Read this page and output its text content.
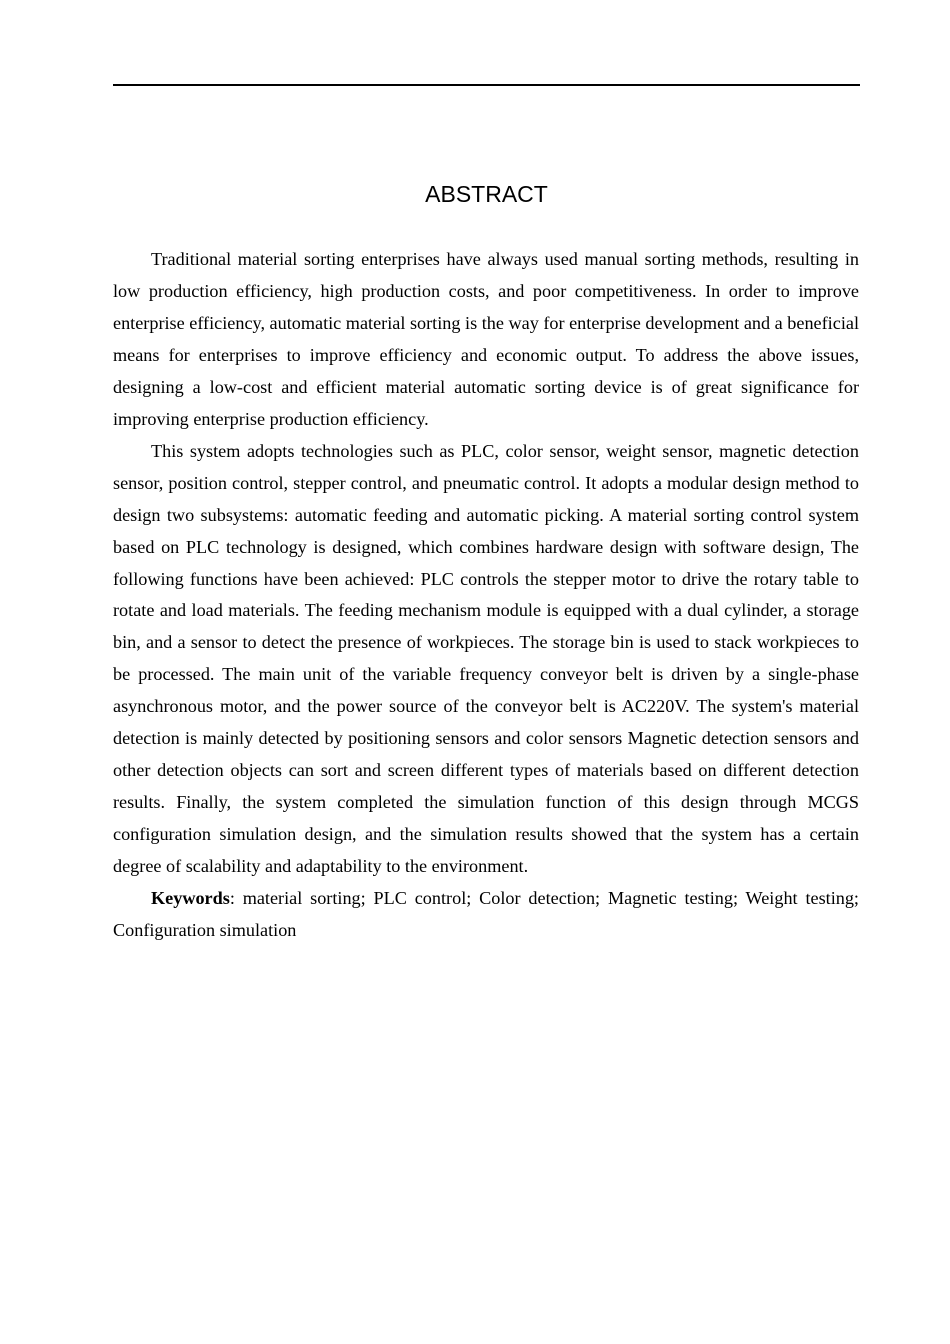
ABSTRACT

Traditional material sorting enterprises have always used manual sorting methods, resulting in low production efficiency, high production costs, and poor competitiveness. In order to improve enterprise efficiency, automatic material sorting is the way for enterprise development and a beneficial means for enterprises to improve efficiency and economic output. To address the above issues, designing a low-cost and efficient material automatic sorting device is of great significance for improving enterprise production efficiency.

This system adopts technologies such as PLC, color sensor, weight sensor, magnetic detection sensor, position control, stepper control, and pneumatic control. It adopts a modular design method to design two subsystems: automatic feeding and automatic picking. A material sorting control system based on PLC technology is designed, which combines hardware design with software design, The following functions have been achieved: PLC controls the stepper motor to drive the rotary table to rotate and load materials. The feeding mechanism module is equipped with a dual cylinder, a storage bin, and a sensor to detect the presence of workpieces. The storage bin is used to stack workpieces to be processed. The main unit of the variable frequency conveyor belt is driven by a single-phase asynchronous motor, and the power source of the conveyor belt is AC220V. The system's material detection is mainly detected by positioning sensors and color sensors Magnetic detection sensors and other detection objects can sort and screen different types of materials based on different detection results. Finally, the system completed the simulation function of this design through MCGS configuration simulation design, and the simulation results showed that the system has a certain degree of scalability and adaptability to the environment.

Keywords: material sorting; PLC control; Color detection; Magnetic testing; Weight testing; Configuration simulation
